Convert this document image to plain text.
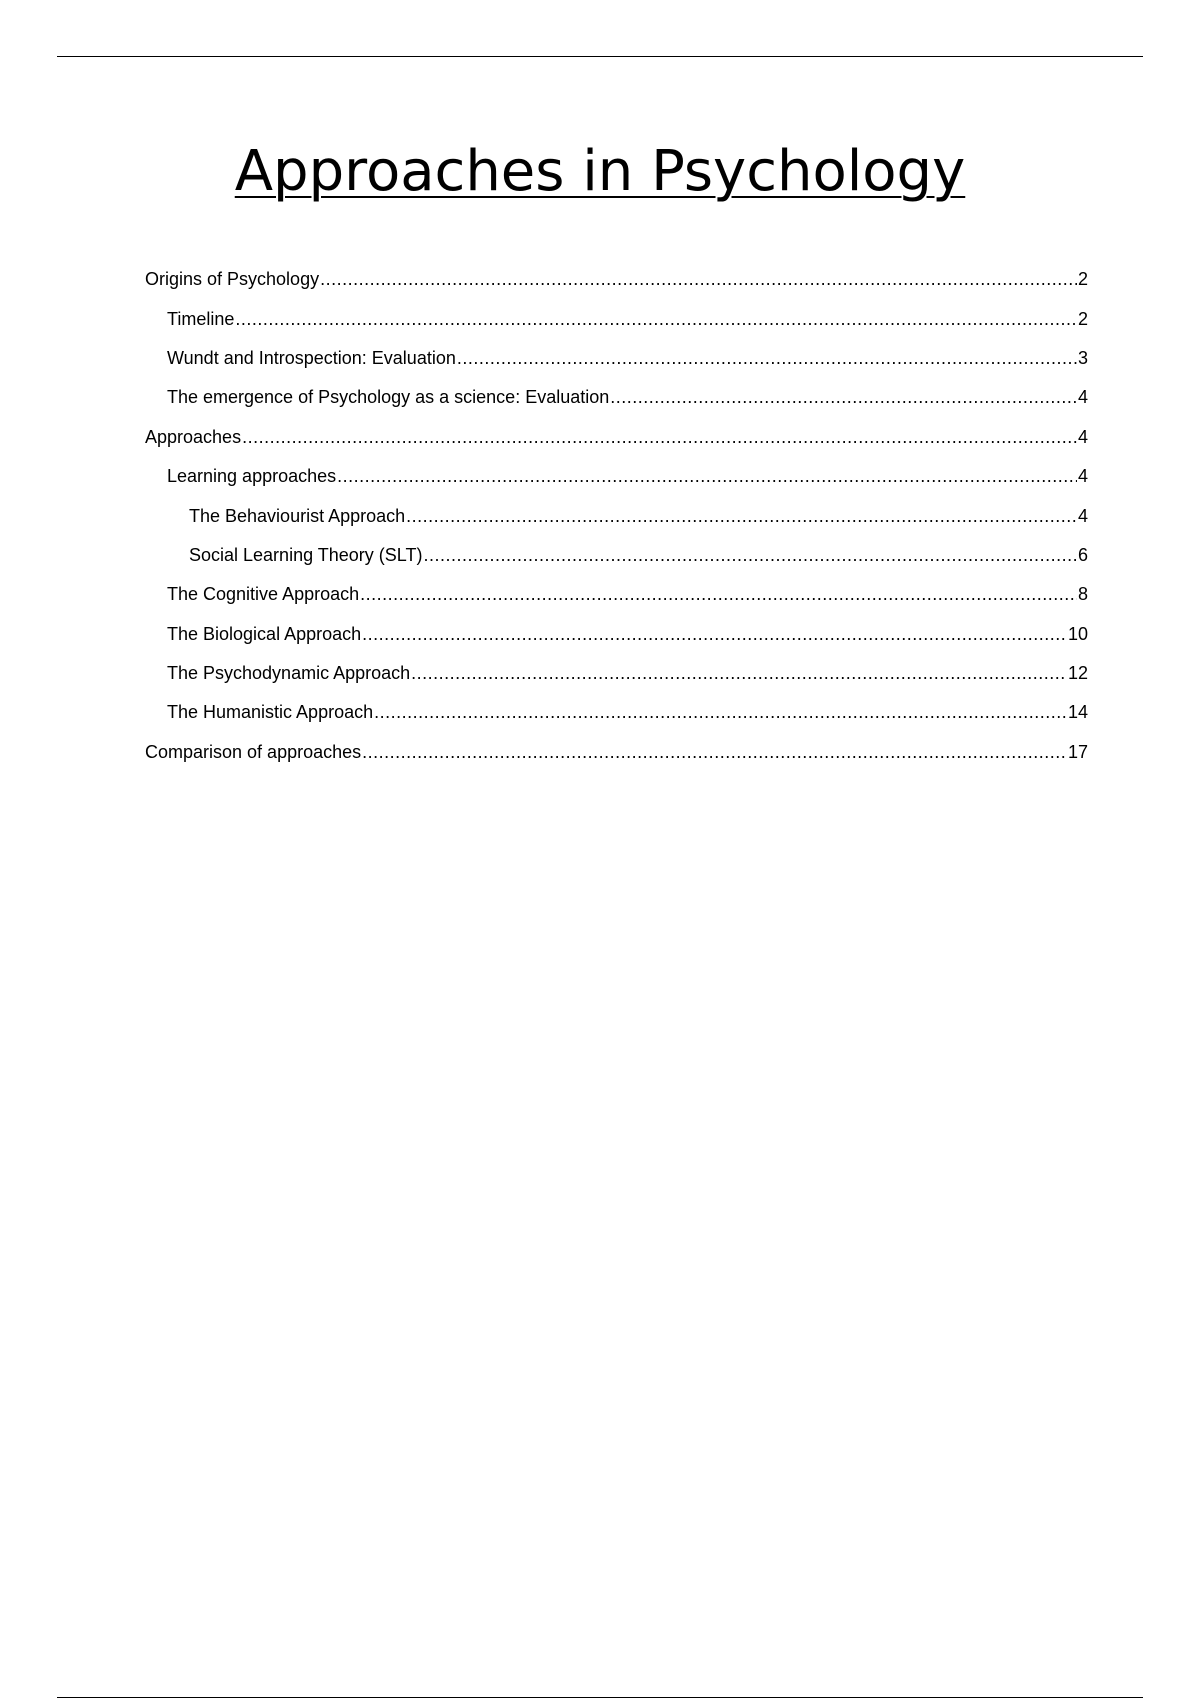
Approaches in Psychology
Origins of Psychology .....	2
Timeline .....	2
Wundt and Introspection: Evaluation .....	3
The emergence of Psychology as a science: Evaluation .....	4
Approaches .....	4
Learning approaches .....	4
The Behaviourist Approach .....	4
Social Learning Theory (SLT) .....	6
The Cognitive Approach .....	8
The Biological Approach .....	10
The Psychodynamic Approach .....	12
The Humanistic Approach .....	14
Comparison of approaches .....	17
